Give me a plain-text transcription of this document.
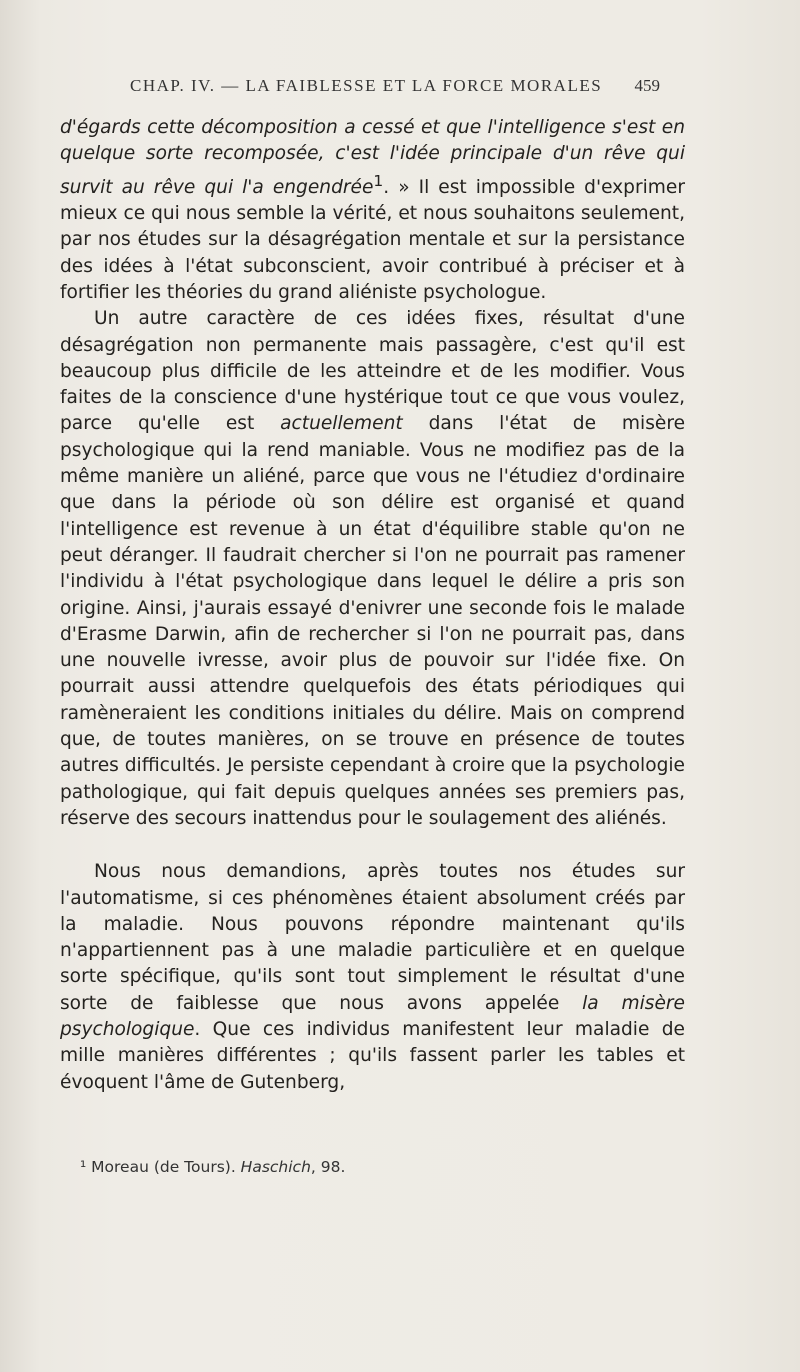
CHAP. IV. — LA FAIBLESSE ET LA FORCE MORALES 459

d'égards cette décomposition a cessé et que l'intelligence s'est en quelque sorte recomposée, c'est l'idée principale d'un rêve qui survit au rêve qui l'a engendrée$^1$. » Il est impossible d'exprimer mieux ce qui nous semble la vérité, et nous souhaitons seulement, par nos études sur la désagrégation mentale et sur la persistance des idées à l'état subconscient, avoir contribué à préciser et à fortifier les théories du grand aliéniste psychologue.

Un autre caractère de ces idées fixes, résultat d'une désagrégation non permanente mais passagère, c'est qu'il est beaucoup plus difficile de les atteindre et de les modifier. Vous faites de la conscience d'une hystérique tout ce que vous voulez, parce qu'elle est actuellement dans l'état de misère psychologique qui la rend maniable. Vous ne modifiez pas de la même manière un aliéné, parce que vous ne l'étudiez d'ordinaire que dans la période où son délire est organisé et quand l'intelligence est revenue à un état d'équilibre stable qu'on ne peut déranger. Il faudrait chercher si l'on ne pourrait pas ramener l'individu à l'état psychologique dans lequel le délire a pris son origine. Ainsi, j'aurais essayé d'enivrer une seconde fois le malade d'Erasme Darwin, afin de rechercher si l'on ne pourrait pas, dans une nouvelle ivresse, avoir plus de pouvoir sur l'idée fixe. On pourrait aussi attendre quelquefois des états périodiques qui ramèneraient les conditions initiales du délire. Mais on comprend que, de toutes manières, on se trouve en présence de toutes autres difficultés. Je persiste cependant à croire que la psychologie pathologique, qui fait depuis quelques années ses premiers pas, réserve des secours inattendus pour le soulagement des aliénés.

Nous nous demandions, après toutes nos études sur l'automatisme, si ces phénomènes étaient absolument créés par la maladie. Nous pouvons répondre maintenant qu'ils n'appartiennent pas à une maladie particulière et en quelque sorte spécifique, qu'ils sont tout simplement le résultat d'une sorte de faiblesse que nous avons appelée la misère psychologique. Que ces individus manifestent leur maladie de mille manières différentes ; qu'ils fassent parler les tables et évoquent l'âme de Gutenberg,

¹ Moreau (de Tours). Haschich, 98.
